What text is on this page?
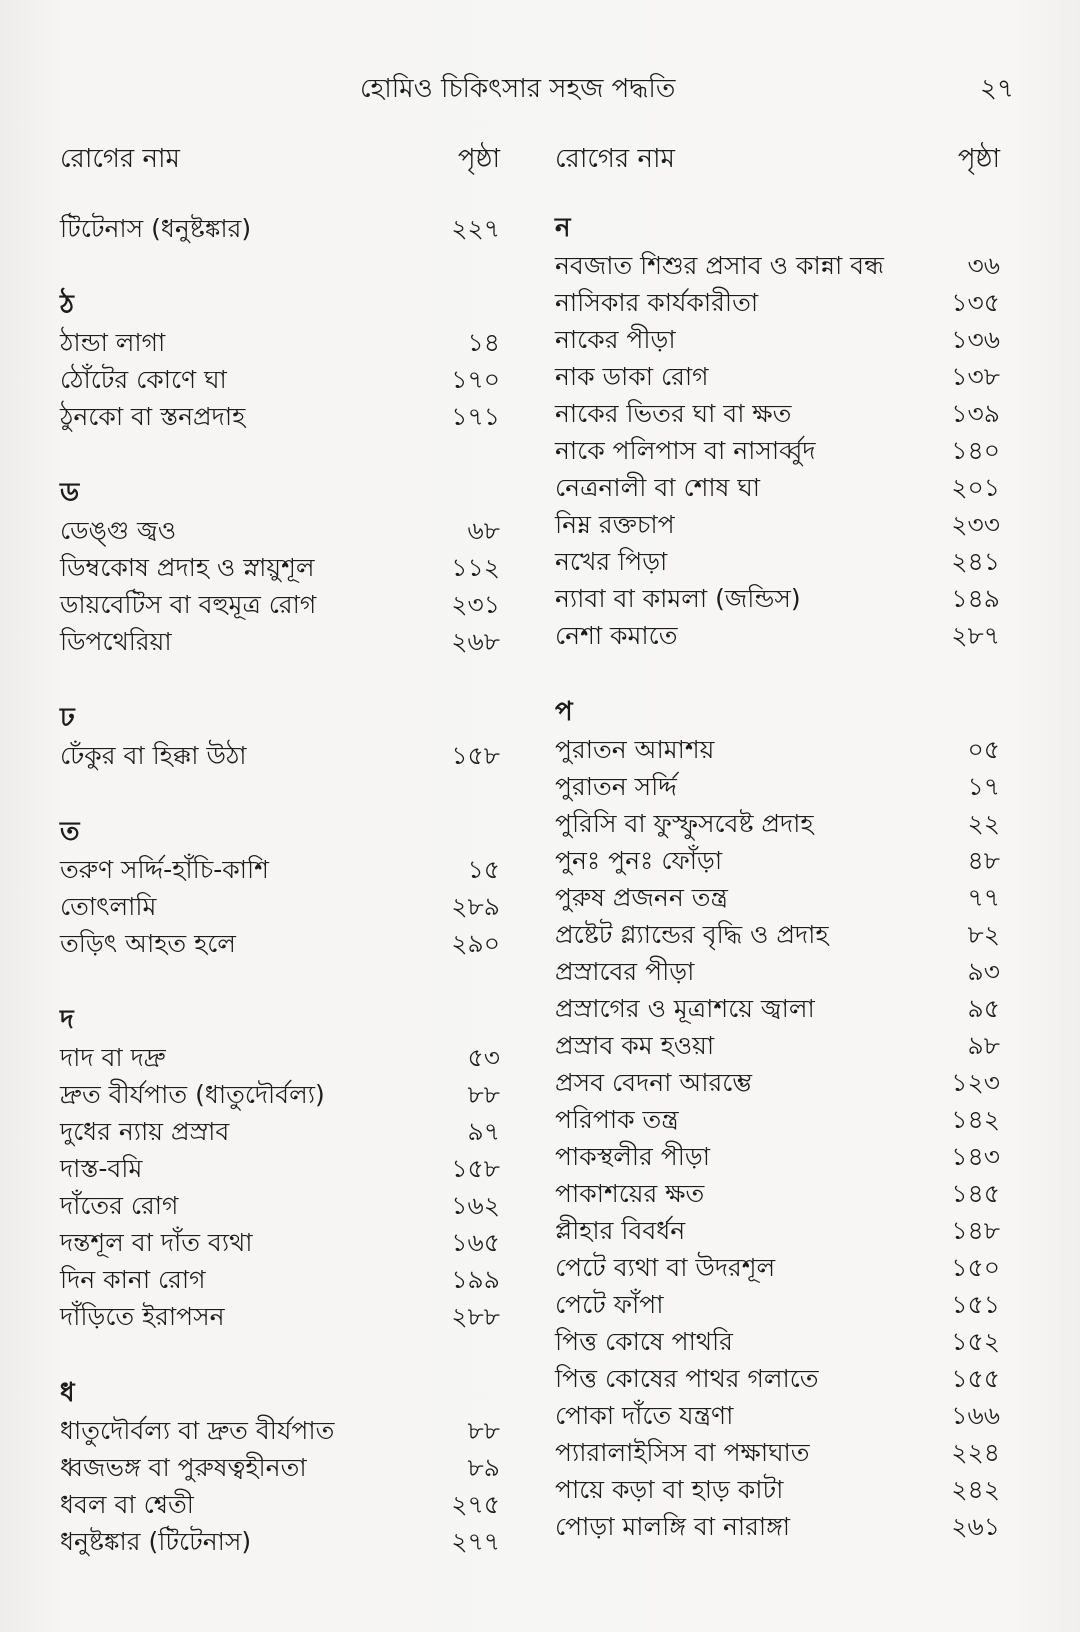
হোমিও চিকিৎসার সহজ পদ্ধতি	২৭
রোগের নাম	পৃষ্ঠা
টিটেনাস (ধনুষ্টঙ্কার)	২২৭
ঠ
ঠান্ডা লাগা	১৪
ঠোঁটের কোণে ঘা	১৭০
ঠুনকো বা স্তনপ্রদাহ	১৭১
ড
ডেঙ্গু জ্বও	৬৮
ডিম্বকোষ প্রদাহ ও স্নায়ুশূল	১১২
ডায়বেটিস বা বহুমূত্র রোগ	২৩১
ডিপথেরিয়া	২৬৮
ঢ
ঢেঁকুর বা হিক্কা উঠা	১৫৮
ত
তরুণ সর্দ্দি-হাঁচি-কাশি	১৫
তোৎলামি	২৮৯
তড়িৎ আহত হলে	২৯০
দ
দাদ বা দদ্রু	৫৩
দ্রুত বীর্যপাত (ধাতুদৌর্বল্য)	৮৮
দুধের ন্যায় প্রস্রাব	৯৭
দাস্ত-বমি	১৫৮
দাঁতের রোগ	১৬২
দন্তশূল বা দাঁত ব্যথা	১৬৫
দিন কানা রোগ	১৯৯
দাঁড়িতে ইরাপসন	২৮৮
ধ
ধাতুদৌর্বল্য বা দ্রুত বীর্যপাত	৮৮
ধ্বজভঙ্গ বা পুরুষত্বহীনতা	৮৯
ধবল বা শ্বেতী	২৭৫
ধনুষ্টঙ্কার (টিটেনাস)	২৭৭
রোগের নাম	পৃষ্ঠা
ন
নবজাত শিশুর প্রসাব ও কান্না বন্ধ	৩৬
নাসিকার কার্যকারীতা	১৩৫
নাকের পীড়া	১৩৬
নাক ডাকা রোগ	১৩৮
নাকের ভিতর ঘা বা ক্ষত	১৩৯
নাকে পলিপাস বা নাসার্ব্বুদ	১৪০
নেত্রনালী বা শোষ ঘা	২০১
নিম্ন রক্তচাপ	২৩৩
নখের পিড়া	২৪১
ন্যাবা বা কামলা (জন্ডিস)	১৪৯
নেশা কমাতে	২৮৭
প
পুরাতন আমাশয়	০৫
পুরাতন সর্দ্দি	১৭
পুরিসি বা ফুস্ফুসবেষ্ট প্রদাহ	২২
পুনঃ পুনঃ ফোঁড়া	৪৮
পুরুষ প্রজনন তন্ত্র	৭৭
প্রষ্টেট গ্ল্যান্ডের বৃদ্ধি ও প্রদাহ	৮২
প্রস্রাবের পীড়া	৯৩
প্রস্রাগের ও মূত্রাশয়ে জ্বালা	৯৫
প্রস্রাব কম হওয়া	৯৮
প্রসব বেদনা আরম্ভে	১২৩
পরিপাক তন্ত্র	১৪২
পাকস্থলীর পীড়া	১৪৩
পাকাশয়ের ক্ষত	১৪৫
প্লীহার বিবর্ধন	১৪৮
পেটে ব্যথা বা উদরশূল	১৫০
পেটে ফাঁপা	১৫১
পিত্ত কোষে পাথরি	১৫২
পিত্ত কোষের পাথর গলাতে	১৫৫
পোকা দাঁতে যন্ত্রণা	১৬৬
প্যারালাইসিস বা পক্ষাঘাত	২২৪
পায়ে কড়া বা হাড় কাটা	২৪২
পোড়া মালঙ্গি বা নারাঙ্গা	২৬১
